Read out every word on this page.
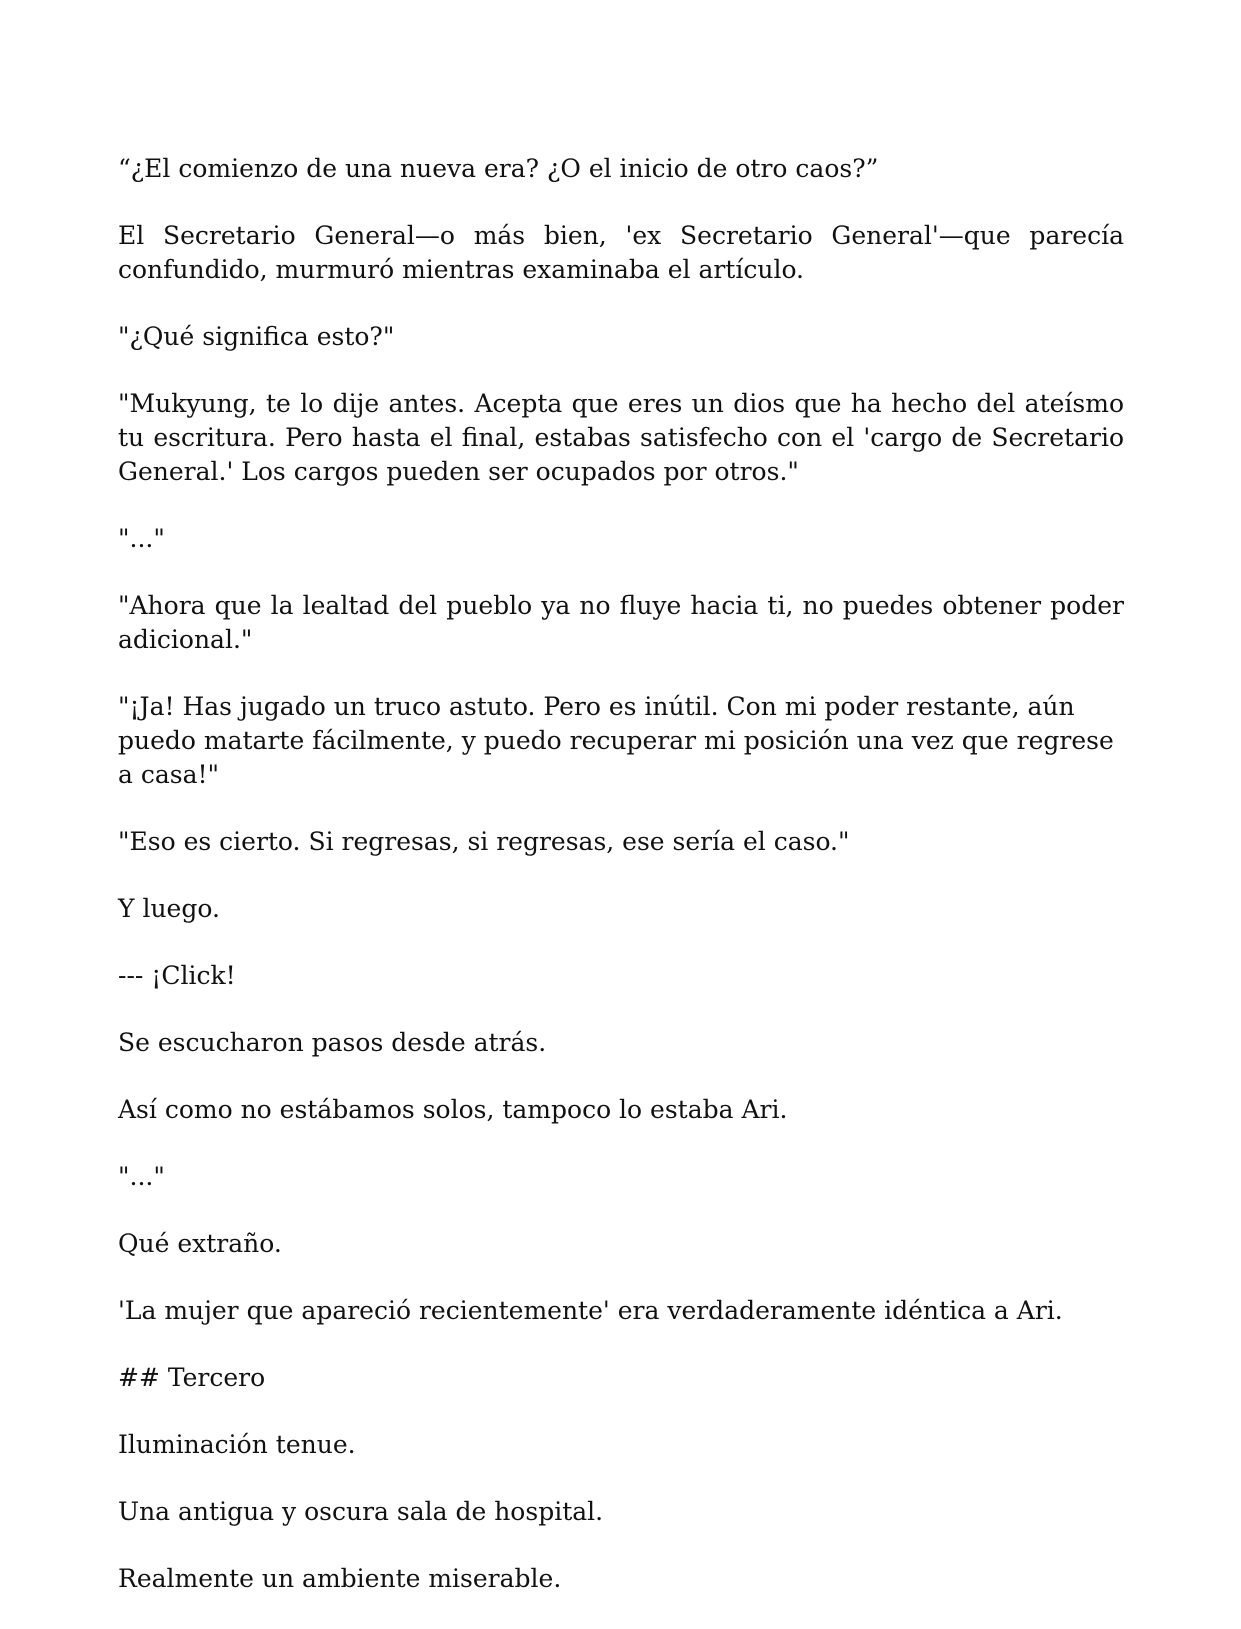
“¿El comienzo de una nueva era? ¿O el inicio de otro caos?”

El Secretario General—o más bien, 'ex Secretario General'—que parecía confundido, murmuró mientras examinaba el artículo.

"¿Qué significa esto?"

"Mukyung, te lo dije antes. Acepta que eres un dios que ha hecho del ateísmo tu escritura. Pero hasta el final, estabas satisfecho con el 'cargo de Secretario General.' Los cargos pueden ser ocupados por otros."

"..."

"Ahora que la lealtad del pueblo ya no fluye hacia ti, no puedes obtener poder adicional."

"¡Ja! Has jugado un truco astuto. Pero es inútil. Con mi poder restante, aún puedo matarte fácilmente, y puedo recuperar mi posición una vez que regrese a casa!"

"Eso es cierto. Si regresas, si regresas, ese sería el caso."

Y luego.

--- ¡Click!

Se escucharon pasos desde atrás.

Así como no estábamos solos, tampoco lo estaba Ari.

"..."

Qué extraño.

'La mujer que apareció recientemente' era verdaderamente idéntica a Ari.

## Tercero

Iluminación tenue.

Una antigua y oscura sala de hospital.

Realmente un ambiente miserable.
